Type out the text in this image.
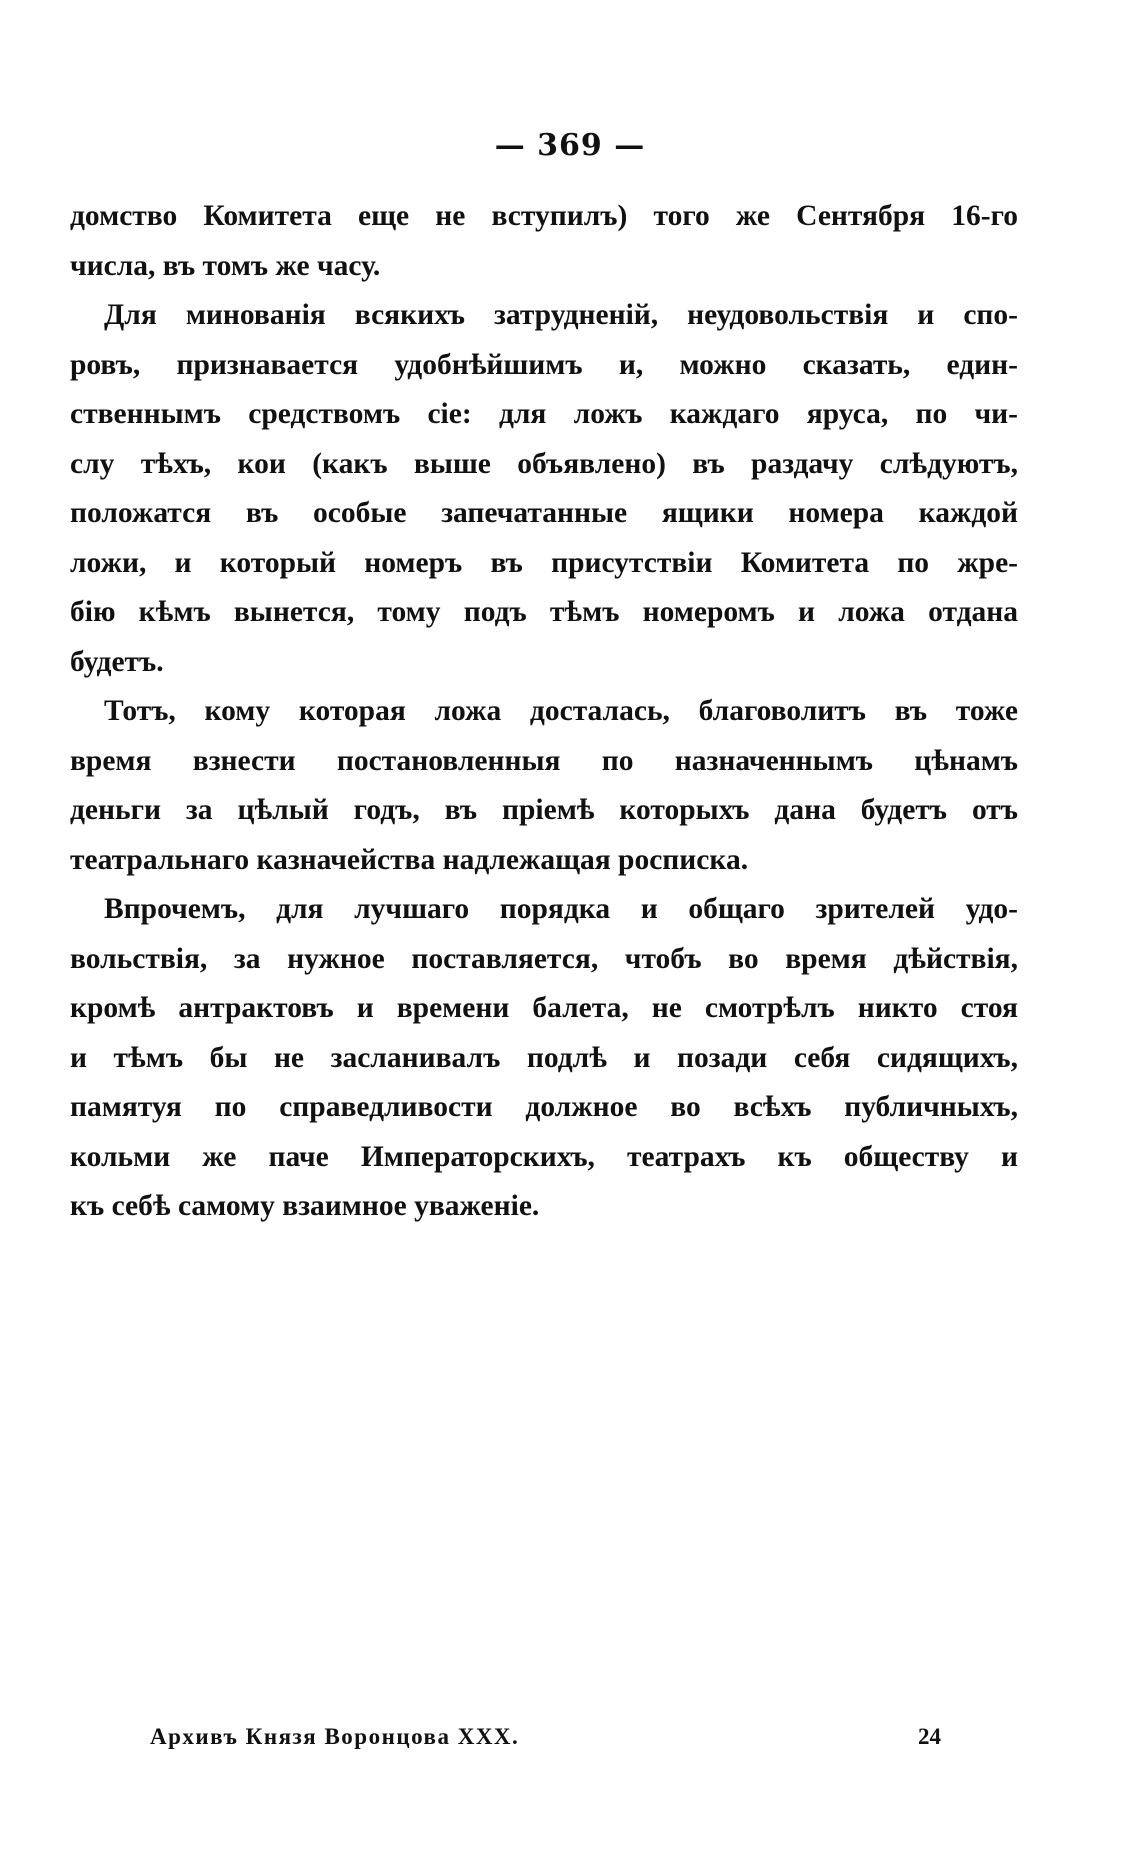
— 369 —

домство Комитета еще не вступилъ) того же Сентября 16-го
числа, въ томъ же часу.

Для минованія всякихъ затрудненій, неудовольствія и спо-
ровъ, признавается удобнѣйшимъ и, можно сказать, един-
ственнымъ средствомъ сіе: для ложъ каждаго яруса, по чи-
слу тѣхъ, кои (какъ выше объявлено) въ раздачу слѣдуютъ,
положатся въ особые запечатанные ящики номера каждой
ложи, и который номеръ въ присутствіи Комитета по жре-
бію кѣмъ вынется, тому подъ тѣмъ номеромъ и ложа отдана
будетъ.

Тотъ, кому которая ложа досталась, благоволитъ въ тоже
время взнести постановленныя по назначеннымъ цѣнамъ
деньги за цѣлый годъ, въ пріемѣ которыхъ дана будетъ отъ
театральнаго казначейства надлежащая росписка.

Впрочемъ, для лучшаго порядка и общаго зрителей удо-
вольствія, за нужное поставляется, чтобъ во время дѣйствія,
кромѣ антрактовъ и времени балета, не смотрѣлъ никто стоя
и тѣмъ бы не засланивалъ подлѣ и позади себя сидящихъ,
памятуя по справедливости должное во всѣхъ публичныхъ,
кольми же паче Императорскихъ, театрахъ къ обществу и
къ себѣ самому взаимное уваженіе.

Архивъ Князя Воронцова XXX.	24
